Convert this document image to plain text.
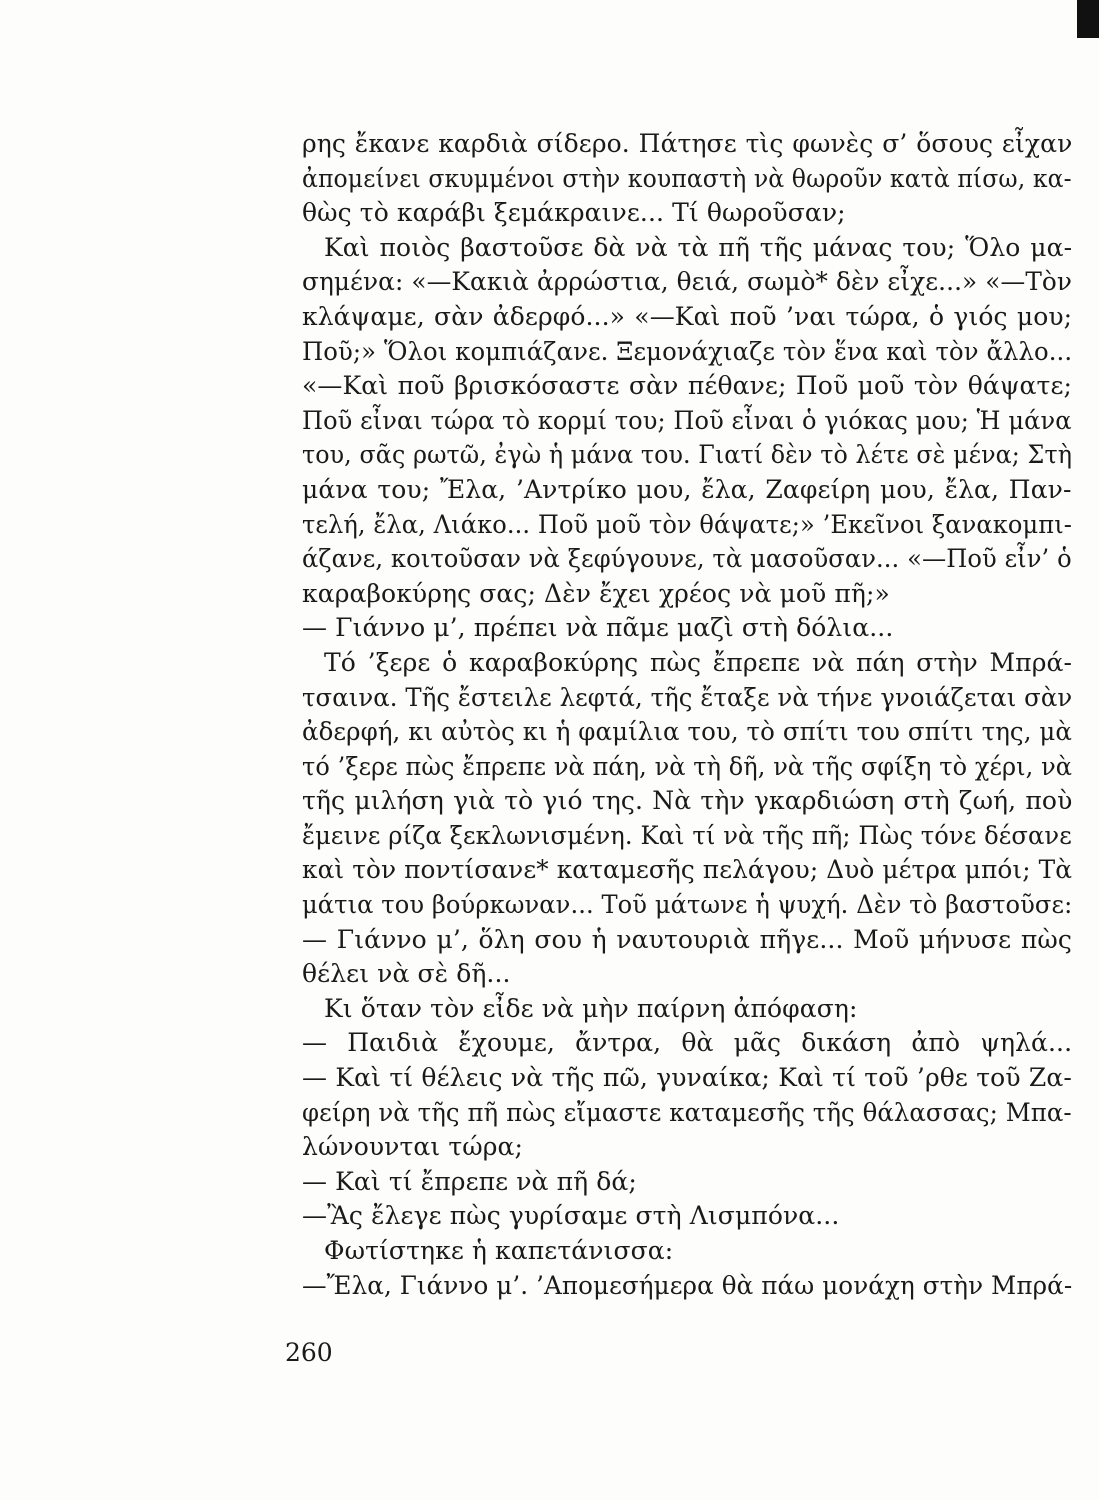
ρης ἔκανε καρδιὰ σίδερο. Πάτησε τὶς φωνὲς σ’ ὅσους εἶχαν
ἀπομείνει σκυμμένοι στὴν κουπαστὴ νὰ θωροῦν κατὰ πίσω, κα-
θὼς τὸ καράβι ξεμάκραινε... Τί θωροῦσαν;
Καὶ ποιὸς βαστοῦσε δὰ νὰ τὰ πῆ τῆς μάνας του; Ὅλο μα-
σημένα: «—Κακιὰ ἀρρώστια, θειά, σωμὸ* δὲν εἶχε...» «—Τὸν
κλάψαμε, σὰν ἀδερφό...» «—Καὶ ποῦ ’ναι τώρα, ὁ γιός μου;
Ποῦ;» Ὅλοι κομπιάζανε. Ξεμονάχιαζε τὸν ἕνα καὶ τὸν ἄλλο...
«—Καὶ ποῦ βρισκόσαστε σὰν πέθανε; Ποῦ μοῦ τὸν θάψατε;
Ποῦ εἶναι τώρα τὸ κορμί του; Ποῦ εἶναι ὁ γιόκας μου; Ἡ μάνα
του, σᾶς ρωτῶ, ἐγὼ ἡ μάνα του. Γιατί δὲν τὸ λέτε σὲ μένα; Στὴ
μάνα του; Ἔλα, ’Αντρίκο μου, ἔλα, Ζαφείρη μου, ἔλα, Παν-
τελή, ἔλα, Λιάκο... Ποῦ μοῦ τὸν θάψατε;» ’Εκεῖνοι ξανακομπι-
άζανε, κοιτοῦσαν νὰ ξεφύγουνε, τὰ μασοῦσαν... «—Ποῦ εἶν’ ὁ
καραβοκύρης σας; Δὲν ἔχει χρέος νὰ μοῦ πῆ;»
— Γιάννο μ’, πρέπει νὰ πᾶμε μαζὶ στὴ δόλια...
Τό ’ξερε ὁ καραβοκύρης πὼς ἔπρεπε νὰ πάη στὴν Μπρά-
τσαινα. Τῆς ἔστειλε λεφτά, τῆς ἔταξε νὰ τήνε γνοιάζεται σὰν
ἀδερφή, κι αὐτὸς κι ἡ φαμίλια του, τὸ σπίτι του σπίτι της, μὰ
τό ’ξερε πὼς ἔπρεπε νὰ πάη, νὰ τὴ δῆ, νὰ τῆς σφίξη τὸ χέρι, νὰ
τῆς μιλήση γιὰ τὸ γιό της. Νὰ τὴν γκαρδιώση στὴ ζωή, ποὺ
ἔμεινε ρίζα ξεκλωνισμένη. Καὶ τί νὰ τῆς πῆ; Πὼς τόνε δέσανε
καὶ τὸν ποντίσανε* καταμεσῆς πελάγου; Δυὸ μέτρα μπόι; Τὰ
μάτια του βούρκωναν... Τοῦ μάτωνε ἡ ψυχή. Δὲν τὸ βαστοῦσε:
— Γιάννο μ’, ὅλη σου ἡ ναυτουριὰ πῆγε... Μοῦ μήνυσε πὼς
θέλει νὰ σὲ δῆ...
Κι ὅταν τὸν εἶδε νὰ μὴν παίρνη ἀπόφαση:
— Παιδιὰ ἔχουμε, ἄντρα, θὰ μᾶς δικάση ἀπὸ ψηλά...
— Καὶ τί θέλεις νὰ τῆς πῶ, γυναίκα; Καὶ τί τοῦ ’ρθε τοῦ Ζα-
φείρη νὰ τῆς πῆ πὼς εἴμαστε καταμεσῆς τῆς θάλασσας; Μπα-
λώνουνται τώρα;
— Καὶ τί ἔπρεπε νὰ πῆ δά;
—Ἂς ἔλεγε πὼς γυρίσαμε στὴ Λισμπόνα...
Φωτίστηκε ἡ καπετάνισσα:
—Ἔλα, Γιάννο μ’. ’Απομεσήμερα θὰ πάω μονάχη στὴν Μπρά-
260
